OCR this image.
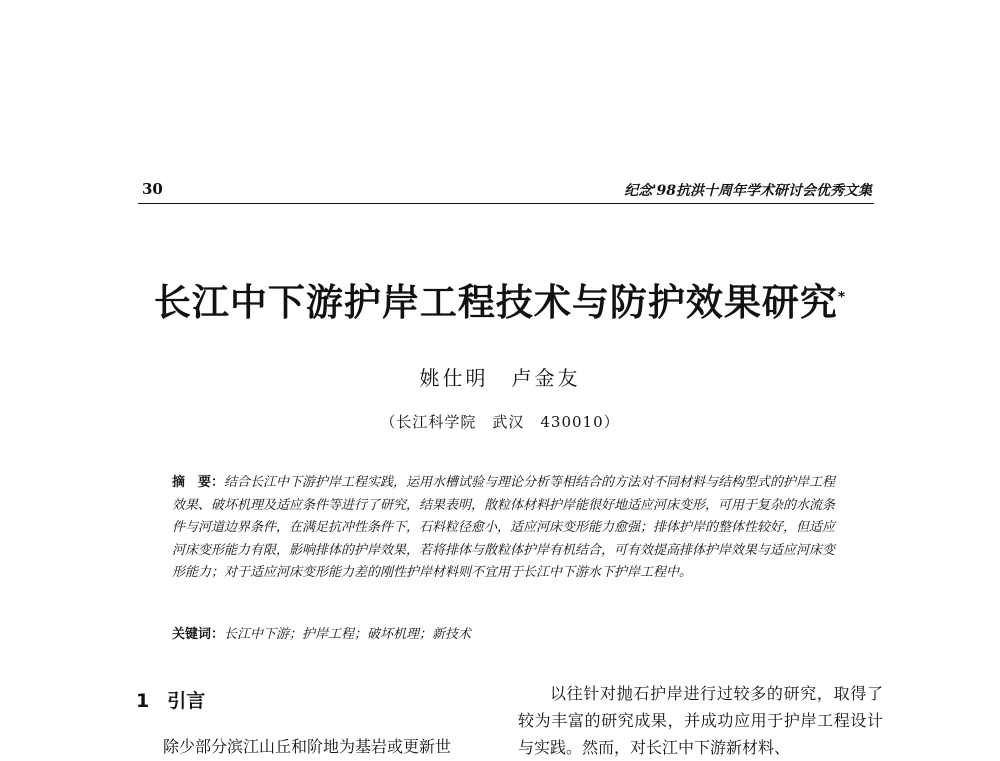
30	纪念'98抗洪十周年学术研讨会优秀文集
长江中下游护岸工程技术与防护效果研究*
姚仕明　卢金友
（长江科学院　武汉　430010）
摘　要：结合长江中下游护岸工程实践，运用水槽试验与理论分析等相结合的方法对不同材料与结构型式的护岸工程效果、破坏机理及适应条件等进行了研究，结果表明，散粒体材料护岸能很好地适应河床变形，可用于复杂的水流条件与河道边界条件，在满足抗冲性条件下，石料粒径愈小，适应河床变形能力愈强；排体护岸的整体性较好，但适应河床变形能力有限，影响排体的护岸效果，若将排体与散粒体护岸有机结合，可有效提高排体护岸效果与适应河床变形能力；对于适应河床变形能力差的刚性护岸材料则不宜用于长江中下游水下护岸工程中。
关键词：长江中下游；护岸工程；破坏机理；新技术
1 引言
除少部分滨江山丘和阶地为基岩或更新世
以往针对抛石护岸进行过较多的研究，取得了较为丰富的研究成果，并成功应用于护岸工程设计与实践。然而，对长江中下游新材料、
